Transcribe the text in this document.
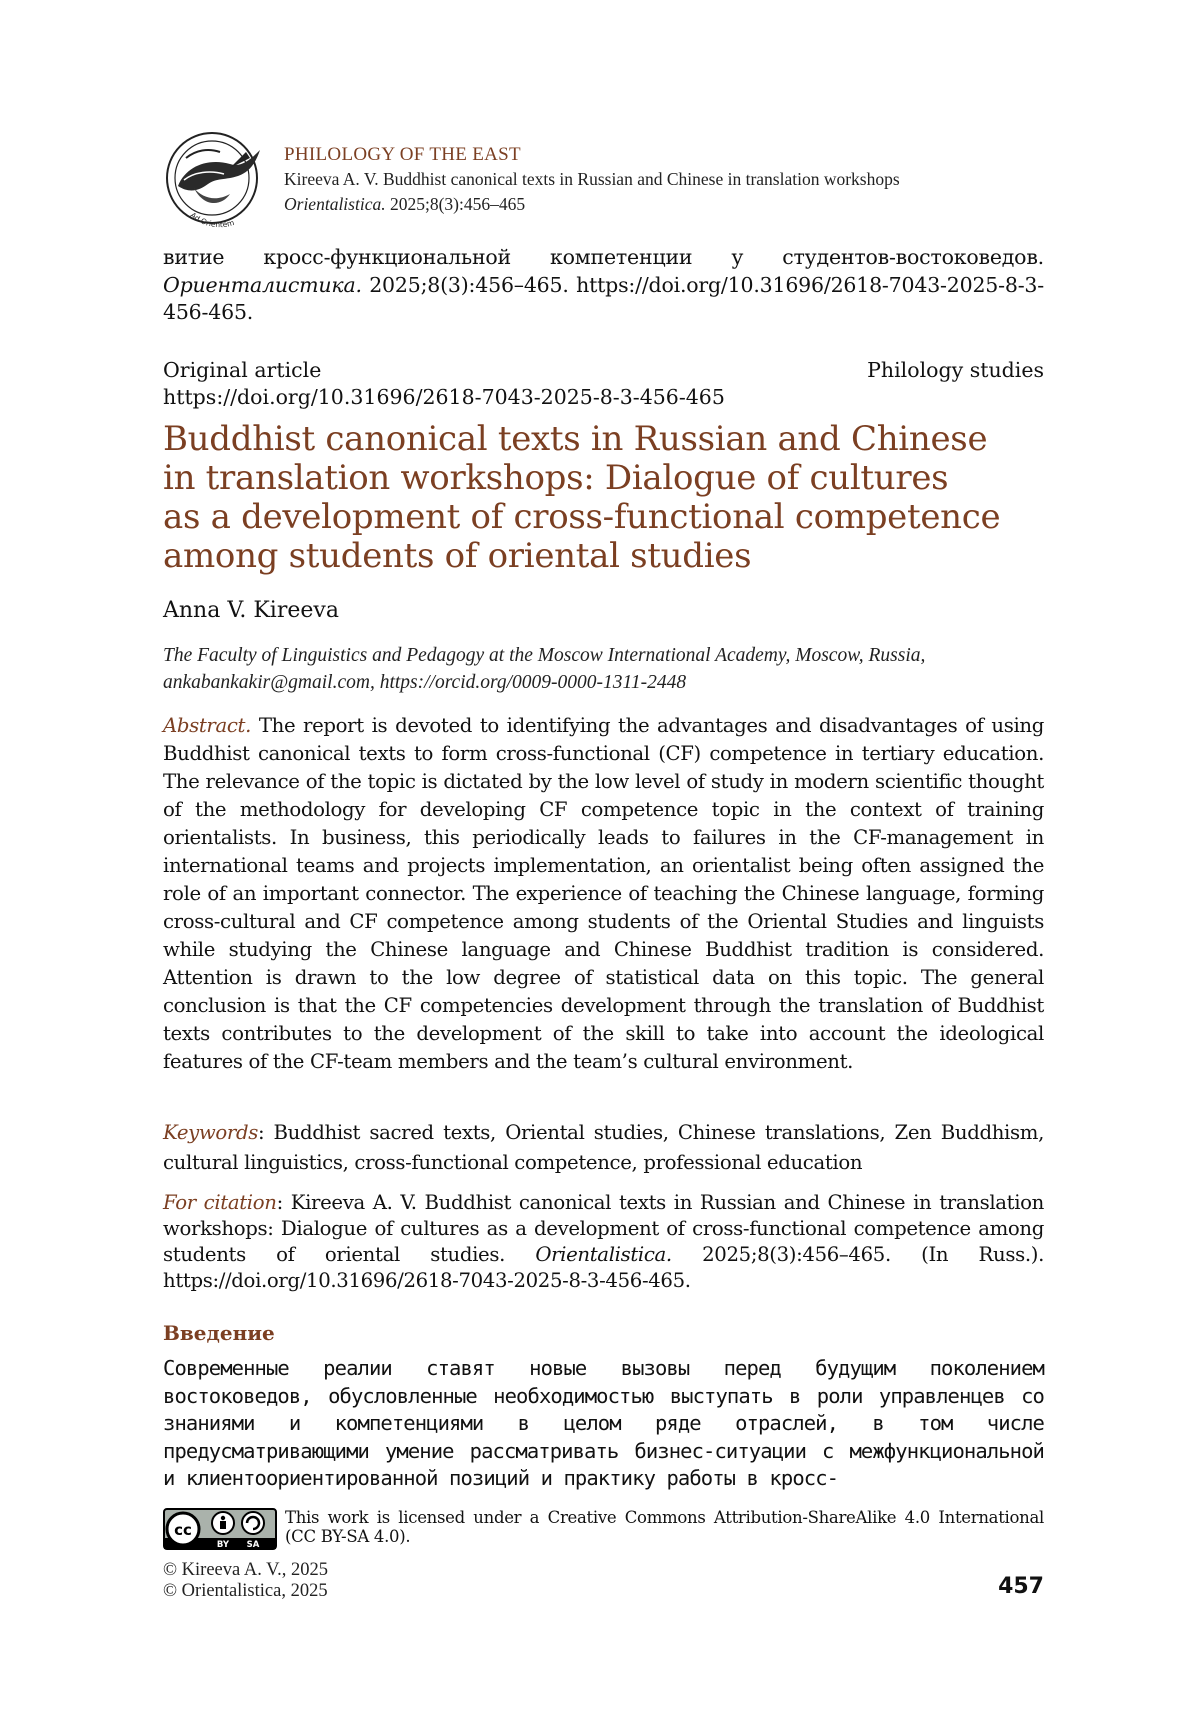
Ad Orientem
PHILOLOGY OF THE EAST
Kireeva A. V. Buddhist canonical texts in Russian and Chinese in translation workshops
Orientalistica. 2025;8(3):456–465
витие кросс-функциональной компетенции у студентов-востоковедов. Ориенталистика. 2025;8(3):456–465. https://doi.org/10.31696/2618-7043-2025-8-3-456-465.
Original article	Philology studies
https://doi.org/10.31696/2618-7043-2025-8-3-456-465
Buddhist canonical texts in Russian and Chinese
in translation workshops: Dialogue of cultures
as a development of cross-functional competence
among students of oriental studies
Anna V. Kireeva
The Faculty of Linguistics and Pedagogy at the Moscow International Academy, Moscow, Russia, ankabankakir@gmail.com, https://orcid.org/0009-0000-1311-2448
Abstract. The report is devoted to identifying the advantages and disadvantages of using Buddhist canonical texts to form cross-functional (CF) competence in tertiary education. The relevance of the topic is dictated by the low level of study in modern scientific thought of the methodology for developing CF competence topic in the context of training orientalists. In business, this periodically leads to failures in the CF-management in international teams and projects implementation, an orientalist being often assigned the role of an important connector. The experience of teaching the Chinese language, forming cross-cultural and CF competence among students of the Oriental Studies and linguists while studying the Chinese language and Chinese Buddhist tradition is considered. Attention is drawn to the low degree of statistical data on this topic. The general conclusion is that the CF competencies development through the translation of Buddhist texts contributes to the development of the skill to take into account the ideological features of the CF-team members and the team’s cultural environment.
Keywords: Buddhist sacred texts, Oriental studies, Chinese translations, Zen Buddhism, cultural linguistics, cross-functional competence, professional education
For citation: Kireeva A. V. Buddhist canonical texts in Russian and Chinese in translation workshops: Dialogue of cultures as a development of cross-functional competence among students of oriental studies. Orientalistica. 2025;8(3):456–465. (In Russ.). https://doi.org/10.31696/2618-7043-2025-8-3-456-465.
Введение
Современные реалии ставят новые вызовы перед будущим поколением востоковедов, обусловленные необходимостью выступать в роли управленцев со знаниями и компетенциями в целом ряде отраслей, в том числе предусматривающими умение рассматривать бизнес-ситуации с межфункциональной и клиентоориентированной позиций и практику работы в кросс-
cc
BY SA
This work is licensed under a Creative Commons Attribution-ShareAlike 4.0 International (CC BY-SA 4.0).
© Kireeva A. V., 2025
© Orientalistica, 2025	457
